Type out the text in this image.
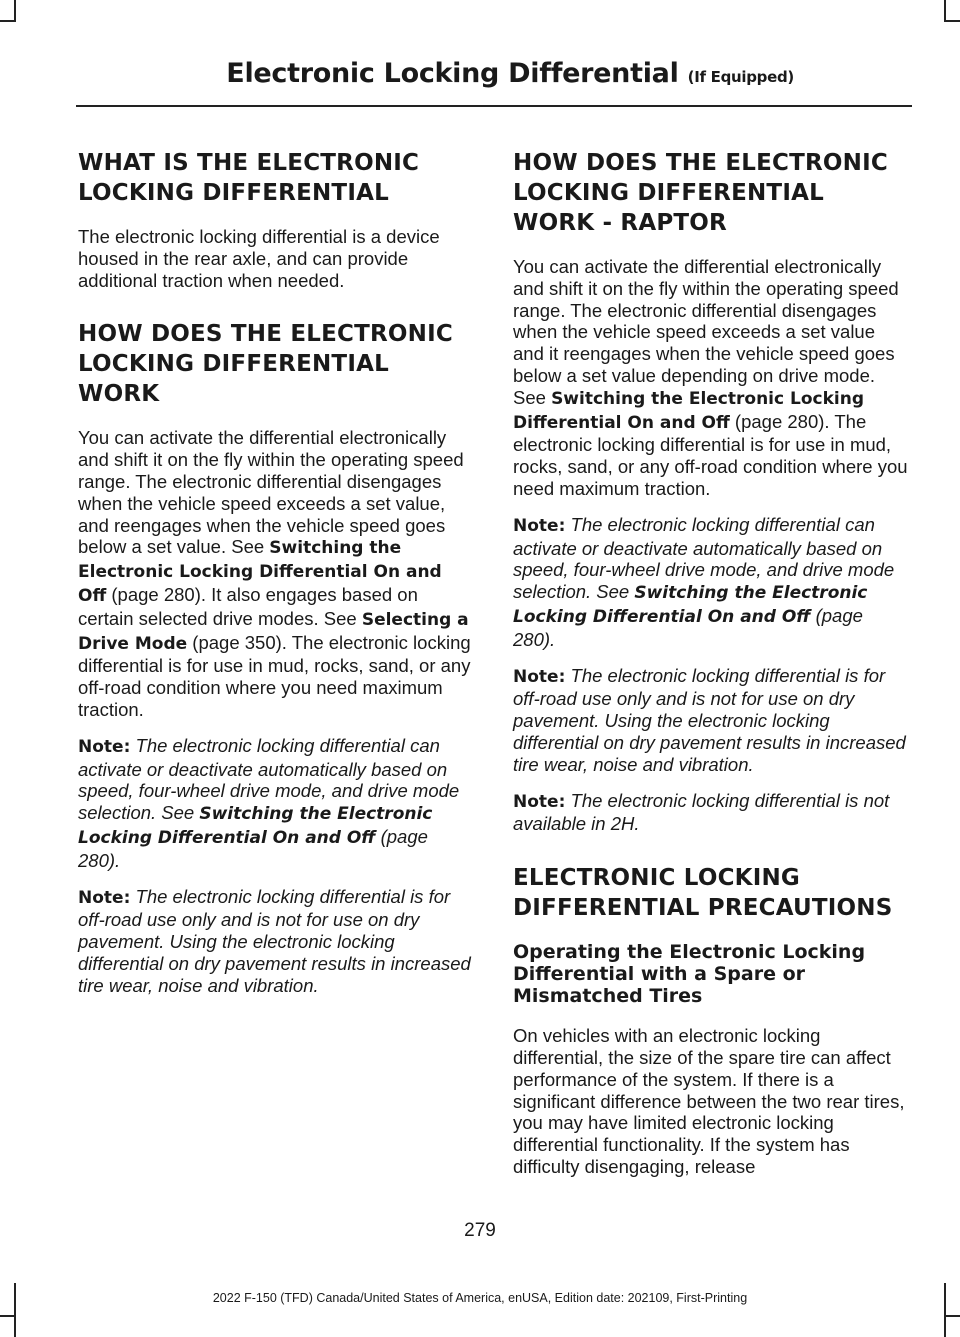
Electronic Locking Differential (If Equipped)
WHAT IS THE ELECTRONIC LOCKING DIFFERENTIAL

The electronic locking differential is a device housed in the rear axle, and can provide additional traction when needed.

HOW DOES THE ELECTRONIC LOCKING DIFFERENTIAL WORK

You can activate the differential electronically and shift it on the fly within the operating speed range. The electronic differential disengages when the vehicle speed exceeds a set value, and reengages when the vehicle speed goes below a set value. See Switching the Electronic Locking Differential On and Off (page 280). It also engages based on certain selected drive modes. See Selecting a Drive Mode (page 350). The electronic locking differential is for use in mud, rocks, sand, or any off-road condition where you need maximum traction.

Note: The electronic locking differential can activate or deactivate automatically based on speed, four-wheel drive mode, and drive mode selection. See Switching the Electronic Locking Differential On and Off (page 280).

Note: The electronic locking differential is for off-road use only and is not for use on dry pavement. Using the electronic locking differential on dry pavement results in increased tire wear, noise and vibration.

HOW DOES THE ELECTRONIC LOCKING DIFFERENTIAL WORK - RAPTOR

You can activate the differential electronically and shift it on the fly within the operating speed range. The electronic differential disengages when the vehicle speed exceeds a set value and it reengages when the vehicle speed goes below a set value depending on drive mode. See Switching the Electronic Locking Differential On and Off (page 280). The electronic locking differential is for use in mud, rocks, sand, or any off-road condition where you need maximum traction.

Note: The electronic locking differential can activate or deactivate automatically based on speed, four-wheel drive mode, and drive mode selection. See Switching the Electronic Locking Differential On and Off (page 280).

Note: The electronic locking differential is for off-road use only and is not for use on dry pavement. Using the electronic locking differential on dry pavement results in increased tire wear, noise and vibration.

Note: The electronic locking differential is not available in 2H.

ELECTRONIC LOCKING DIFFERENTIAL PRECAUTIONS
Operating the Electronic Locking Differential with a Spare or Mismatched Tires

On vehicles with an electronic locking differential, the size of the spare tire can affect performance of the system. If there is a significant difference between the two rear tires, you may have limited electronic locking differential functionality. If the system has difficulty disengaging, release

279
2022 F-150 (TFD) Canada/United States of America, enUSA, Edition date: 202109, First-Printing
